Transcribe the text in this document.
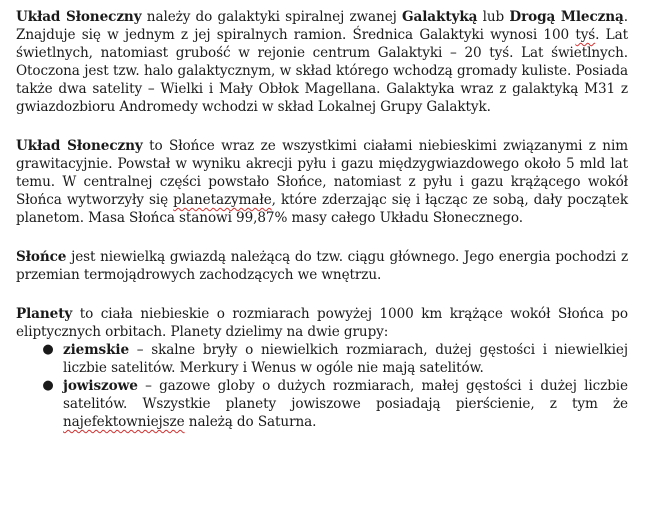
Układ Słoneczny należy do galaktyki spiralnej zwanej Galaktyką lub Drogą Mleczną. Znajduje się w jednym z jej spiralnych ramion. Średnica Galaktyki wynosi 100 tyś. Lat świetlnych, natomiast grubość w rejonie centrum Galaktyki – 20 tyś. Lat świetlnych. Otoczona jest tzw. halo galaktycznym, w skład którego wchodzą gromady kuliste. Posiada także dwa satelity – Wielki i Mały Obłok Magellana. Galaktyka wraz z galaktyką M31 z gwiazdozbioru Andromedy wchodzi w skład Lokalnej Grupy Galaktyk.

Układ Słoneczny to Słońce wraz ze wszystkimi ciałami niebieskimi związanymi z nim grawitacyjnie. Powstał w wyniku akrecji pyłu i gazu międzygwiazdowego około 5 mld lat temu. W centralnej części powstało Słońce, natomiast z pyłu i gazu krążącego wokół Słońca wytworzyły się planetazymałe, które zderzając się i łącząc ze sobą, dały początek planetom. Masa Słońca stanowi 99,87% masy całego Układu Słonecznego.

Słońce jest niewielką gwiazdą należącą do tzw. ciągu głównego. Jego energia pochodzi z przemian termojądrowych zachodzących we wnętrzu.

Planety to ciała niebieskie o rozmiarach powyżej 1000 km krążące wokół Słońca po eliptycznych orbitach. Planety dzielimy na dwie grupy:

● ziemskie – skalne bryły o niewielkich rozmiarach, dużej gęstości i niewielkiej liczbie satelitów. Merkury i Wenus w ogóle nie mają satelitów.
● jowiszowe – gazowe globy o dużych rozmiarach, małej gęstości i dużej liczbie satelitów. Wszystkie planety jowiszowe posiadają pierścienie, z tym że najefektowniejsze należą do Saturna.
